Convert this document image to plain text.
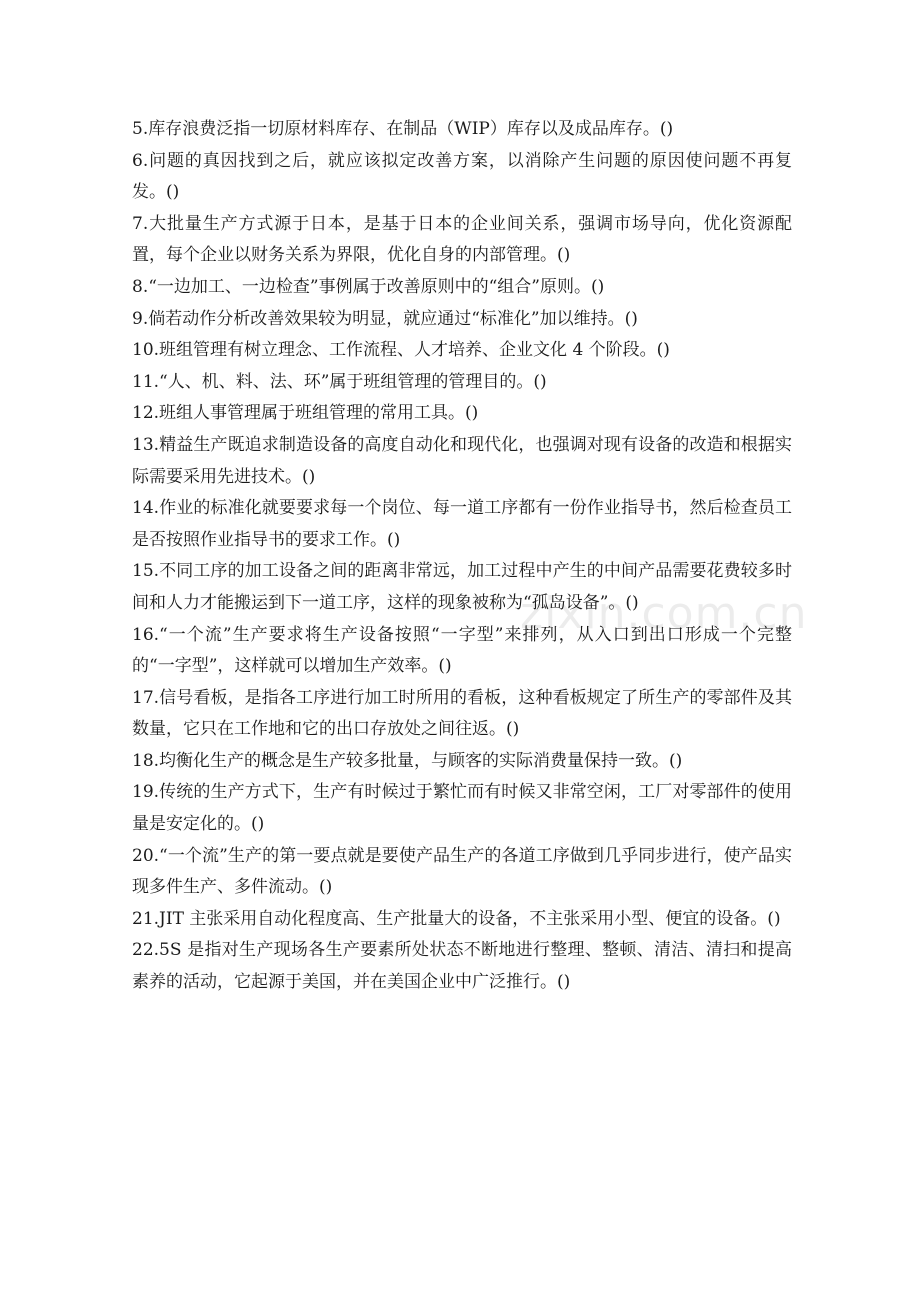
5.库存浪费泛指一切原材料库存、在制品（WIP）库存以及成品库存。()

6.问题的真因找到之后，就应该拟定改善方案，以消除产生问题的原因使问题不再复发。()

7.大批量生产方式源于日本，是基于日本的企业间关系，强调市场导向，优化资源配置，每个企业以财务关系为界限，优化自身的内部管理。()

8.“一边加工、一边检查”事例属于改善原则中的“组合”原则。()

9.倘若动作分析改善效果较为明显，就应通过“标准化”加以维持。()

10.班组管理有树立理念、工作流程、人才培养、企业文化 4 个阶段。()

11.“人、机、料、法、环”属于班组管理的管理目的。()

12.班组人事管理属于班组管理的常用工具。()

13.精益生产既追求制造设备的高度自动化和现代化，也强调对现有设备的改造和根据实际需要采用先进技术。()

14.作业的标准化就要要求每一个岗位、每一道工序都有一份作业指导书，然后检查员工是否按照作业指导书的要求工作。()

15.不同工序的加工设备之间的距离非常远，加工过程中产生的中间产品需要花费较多时间和人力才能搬运到下一道工序，这样的现象被称为“孤岛设备”。()

16.“一个流”生产要求将生产设备按照“一字型”来排列，从入口到出口形成一个完整的“一字型”，这样就可以增加生产效率。()

17.信号看板，是指各工序进行加工时所用的看板，这种看板规定了所生产的零部件及其数量，它只在工作地和它的出口存放处之间往返。()

18.均衡化生产的概念是生产较多批量，与顾客的实际消费量保持一致。()

19.传统的生产方式下，生产有时候过于繁忙而有时候又非常空闲，工厂对零部件的使用量是安定化的。()

20.“一个流”生产的第一要点就是要使产品生产的各道工序做到几乎同步进行，使产品实现多件生产、多件流动。()

21.JIT 主张采用自动化程度高、生产批量大的设备，不主张采用小型、便宜的设备。()

22.5S 是指对生产现场各生产要素所处状态不断地进行整理、整顿、清洁、清扫和提高素养的活动，它起源于美国，并在美国企业中广泛推行。()

zixin.com.cn
